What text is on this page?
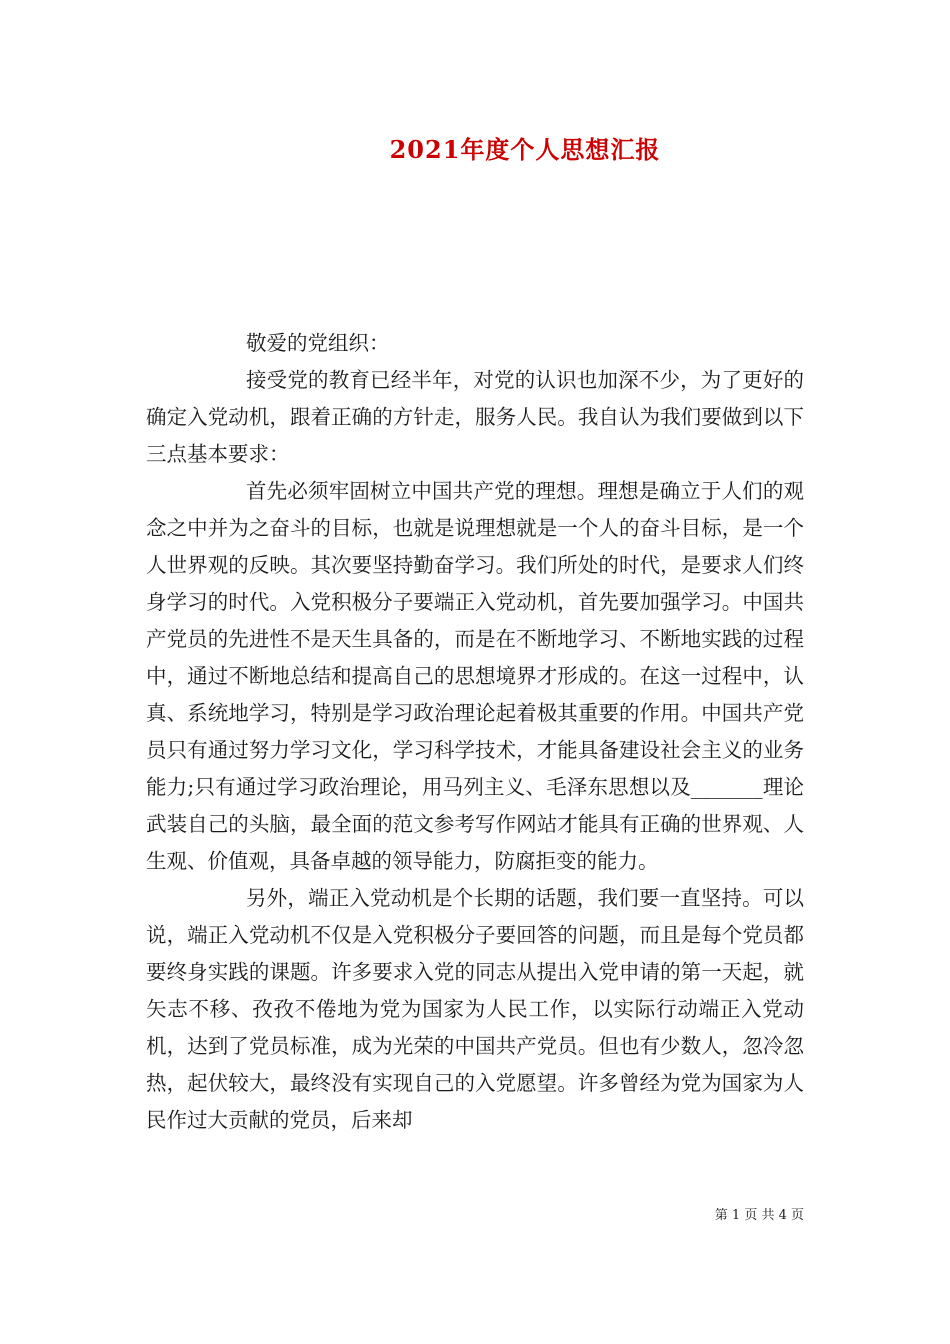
2021年度个人思想汇报

敬爱的党组织：

接受党的教育已经半年，对党的认识也加深不少，为了更好的确定入党动机，跟着正确的方针走，服务人民。我自认为我们要做到以下三点基本要求：

首先必须牢固树立中国共产党的理想。理想是确立于人们的观念之中并为之奋斗的目标，也就是说理想就是一个人的奋斗目标，是一个人世界观的反映。其次要坚持勤奋学习。我们所处的时代，是要求人们终身学习的时代。入党积极分子要端正入党动机，首先要加强学习。中国共产党员的先进性不是天生具备的，而是在不断地学习、不断地实践的过程中，通过不断地总结和提高自己的思想境界才形成的。在这一过程中，认真、系统地学习，特别是学习政治理论起着极其重要的作用。中国共产党员只有通过努力学习文化，学习科学技术，才能具备建设社会主义的业务能力;只有通过学习政治理论，用马列主义、毛泽东思想以及_______理论武装自己的头脑，最全面的范文参考写作网站才能具有正确的世界观、人生观、价值观，具备卓越的领导能力，防腐拒变的能力。

另外，端正入党动机是个长期的话题，我们要一直坚持。可以说，端正入党动机不仅是入党积极分子要回答的问题，而且是每个党员都要终身实践的课题。许多要求入党的同志从提出入党申请的第一天起，就矢志不移、孜孜不倦地为党为国家为人民工作，以实际行动端正入党动机，达到了党员标准，成为光荣的中国共产党员。但也有少数人，忽冷忽热，起伏较大，最终没有实现自己的入党愿望。许多曾经为党为国家为人民作过大贡献的党员，后来却

第 1 页 共 4 页
